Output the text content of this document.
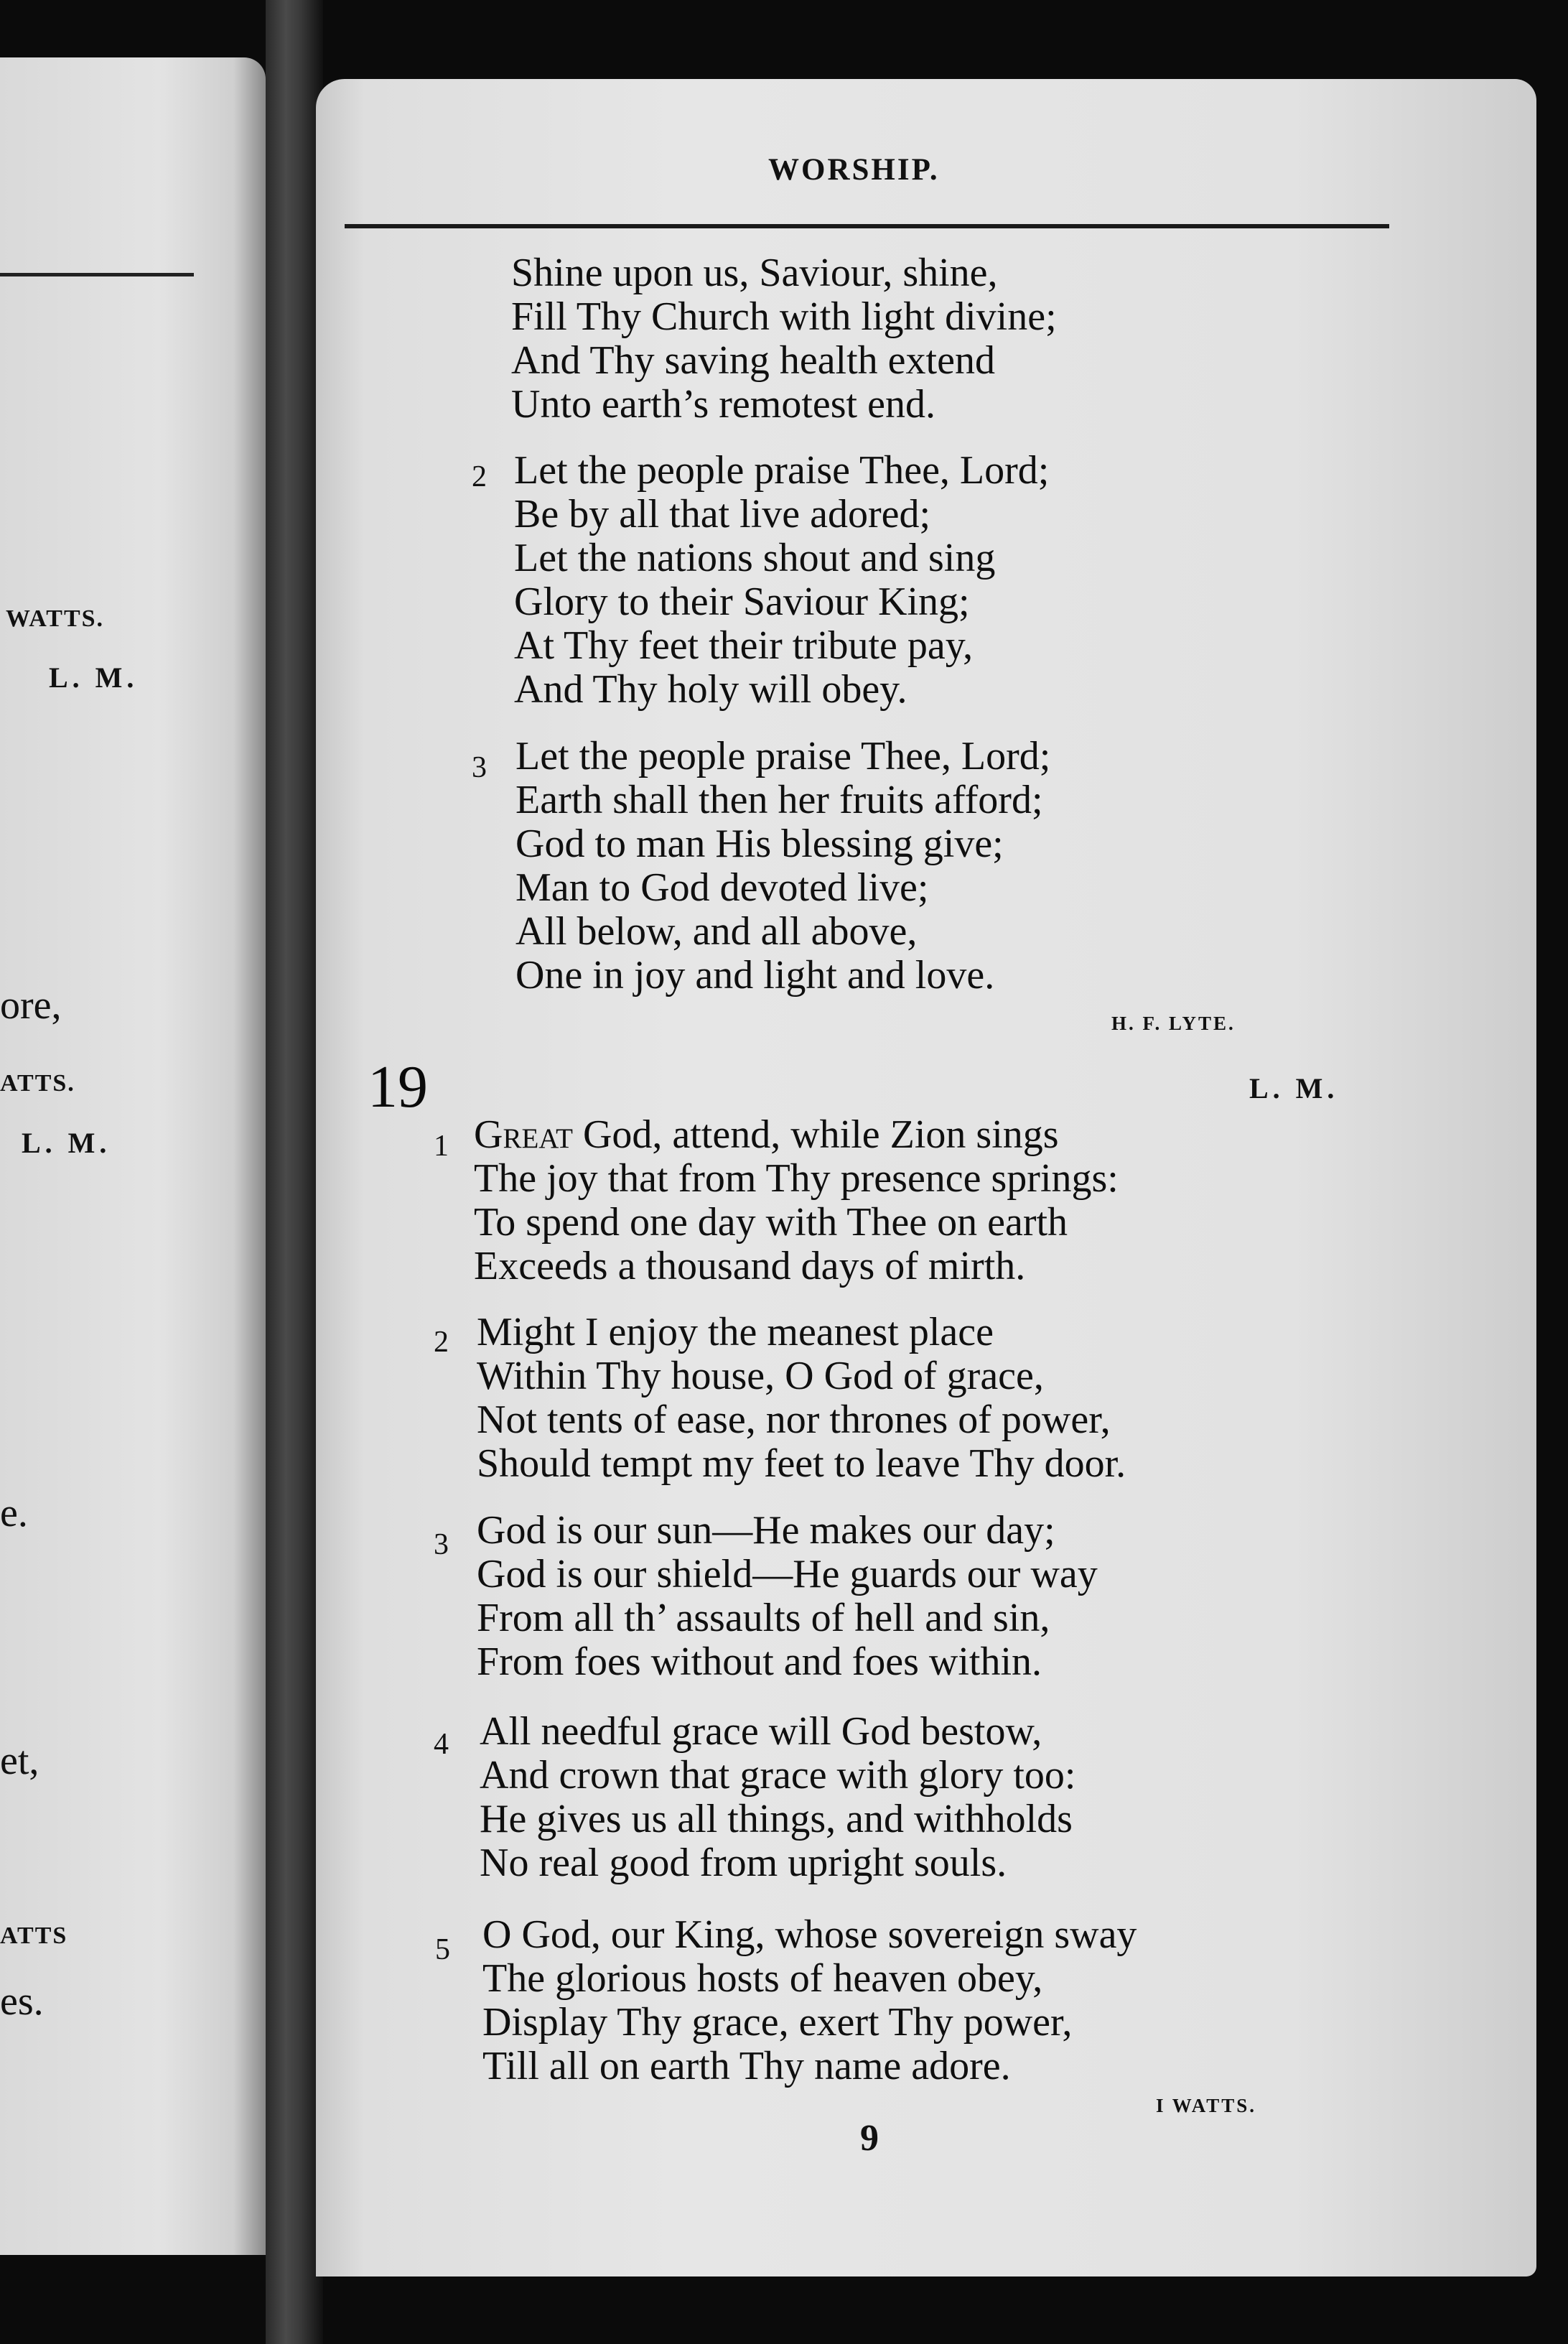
WATTS.
L. M.
ore,
ATTS.
L. M.
e.
et,
ATTS
es.
WORSHIP.
Shine upon us, Saviour, shine,
Fill Thy Church with light divine;
And Thy saving health extend
Unto earth’s remotest end.
2 Let the people praise Thee, Lord;
Be by all that live adored;
Let the nations shout and sing
Glory to their Saviour King;
At Thy feet their tribute pay,
And Thy holy will obey.
3 Let the people praise Thee, Lord;
Earth shall then her fruits afford;
God to man His blessing give;
Man to God devoted live;
All below, and all above,
One in joy and light and love.
H. F. LYTE.
19	L. M.
1 Great God, attend, while Zion sings
The joy that from Thy presence springs:
To spend one day with Thee on earth
Exceeds a thousand days of mirth.
2 Might I enjoy the meanest place
Within Thy house, O God of grace,
Not tents of ease, nor thrones of power,
Should tempt my feet to leave Thy door.
3 God is our sun—He makes our day;
God is our shield—He guards our way
From all th’ assaults of hell and sin,
From foes without and foes within.
4 All needful grace will God bestow,
And crown that grace with glory too:
He gives us all things, and withholds
No real good from upright souls.
5 O God, our King, whose sovereign sway
The glorious hosts of heaven obey,
Display Thy grace, exert Thy power,
Till all on earth Thy name adore.
I WATTS.
9
